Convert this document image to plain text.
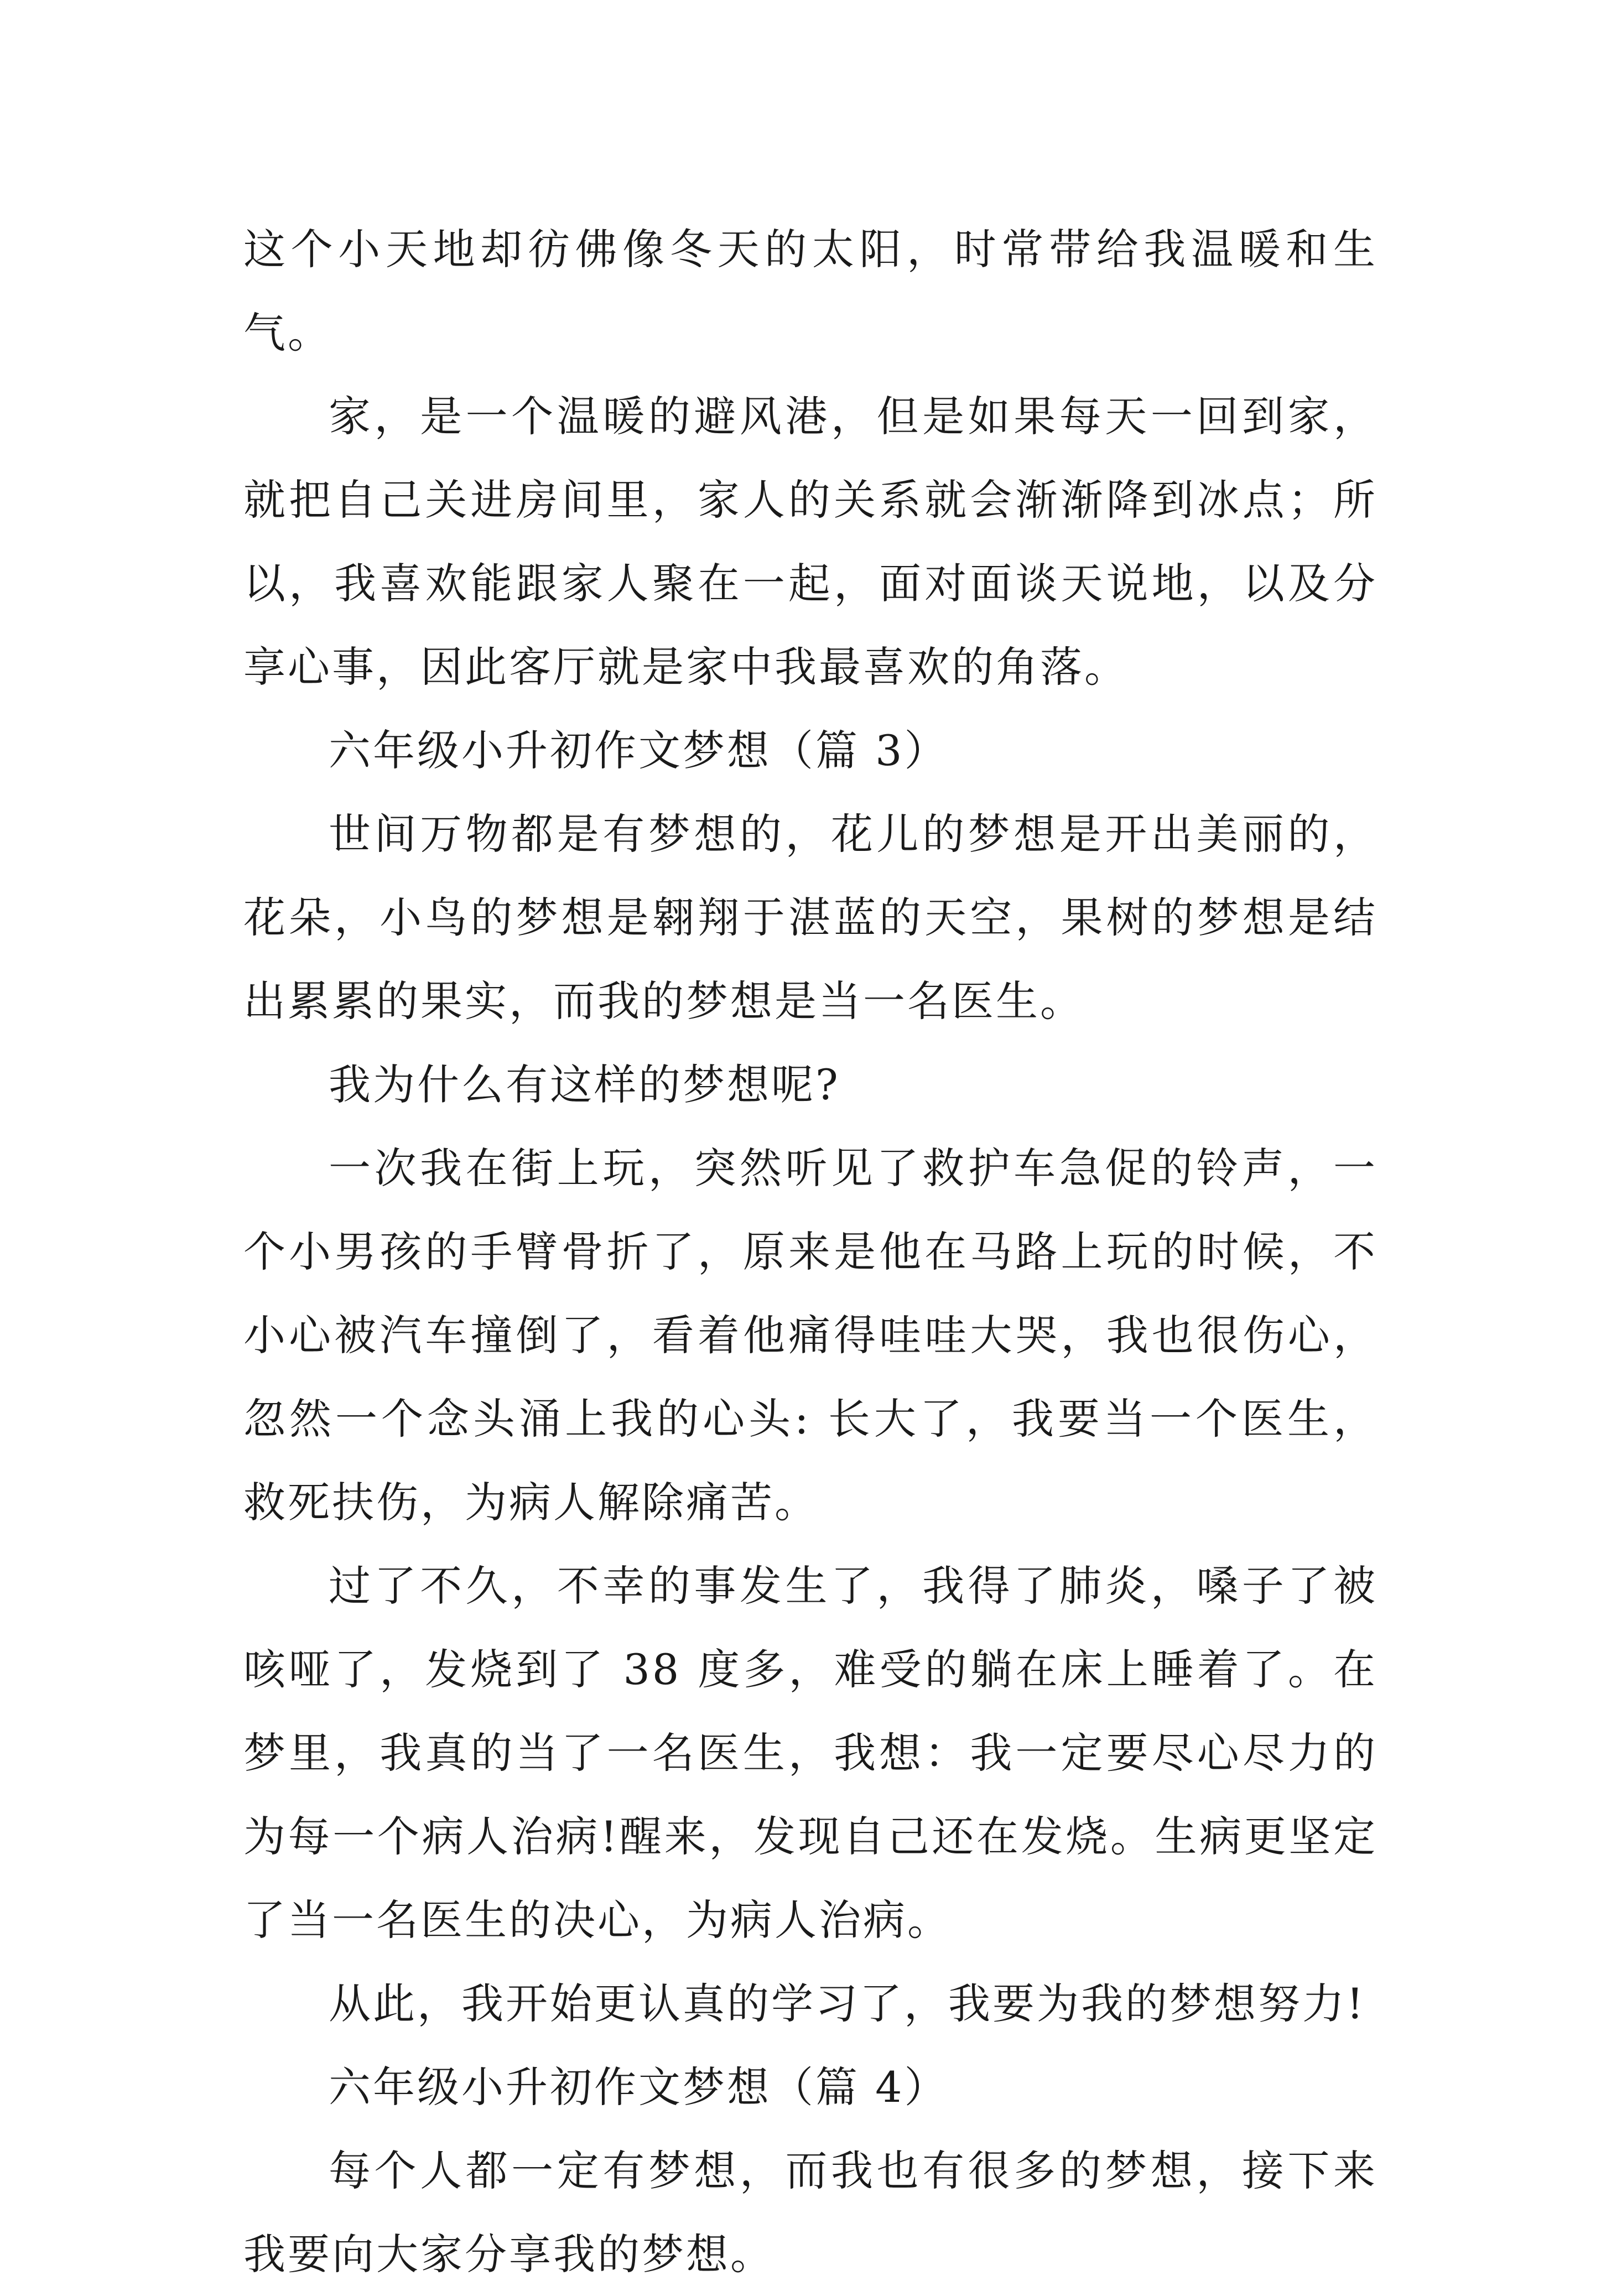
这个小天地却彷佛像冬天的太阳，时常带给我温暖和生气。

家，是一个温暖的避风港，但是如果每天一回到家，就把自己关进房间里，家人的关系就会渐渐降到冰点；所以，我喜欢能跟家人聚在一起，面对面谈天说地，以及分享心事，因此客厅就是家中我最喜欢的角落。

六年级小升初作文梦想（篇 3）

世间万物都是有梦想的，花儿的梦想是开出美丽的，花朵，小鸟的梦想是翱翔于湛蓝的天空，果树的梦想是结出累累的果实，而我的梦想是当一名医生。

我为什么有这样的梦想呢?

一次我在街上玩，突然听见了救护车急促的铃声，一个小男孩的手臂骨折了，原来是他在马路上玩的时候，不小心被汽车撞倒了，看着他痛得哇哇大哭，我也很伤心，忽然一个念头涌上我的心头: 长大了，我要当一个医生，救死扶伤，为病人解除痛苦。

过了不久，不幸的事发生了，我得了肺炎，嗓子了被咳哑了，发烧到了 38 度多，难受的躺在床上睡着了。在梦里，我真的当了一名医生，我想：我一定要尽心尽力的为每一个病人治病!醒来，发现自己还在发烧。生病更坚定了当一名医生的决心，为病人治病。

从此，我开始更认真的学习了，我要为我的梦想努力!

六年级小升初作文梦想（篇 4）

每个人都一定有梦想，而我也有很多的梦想，接下来我要向大家分享我的梦想。
